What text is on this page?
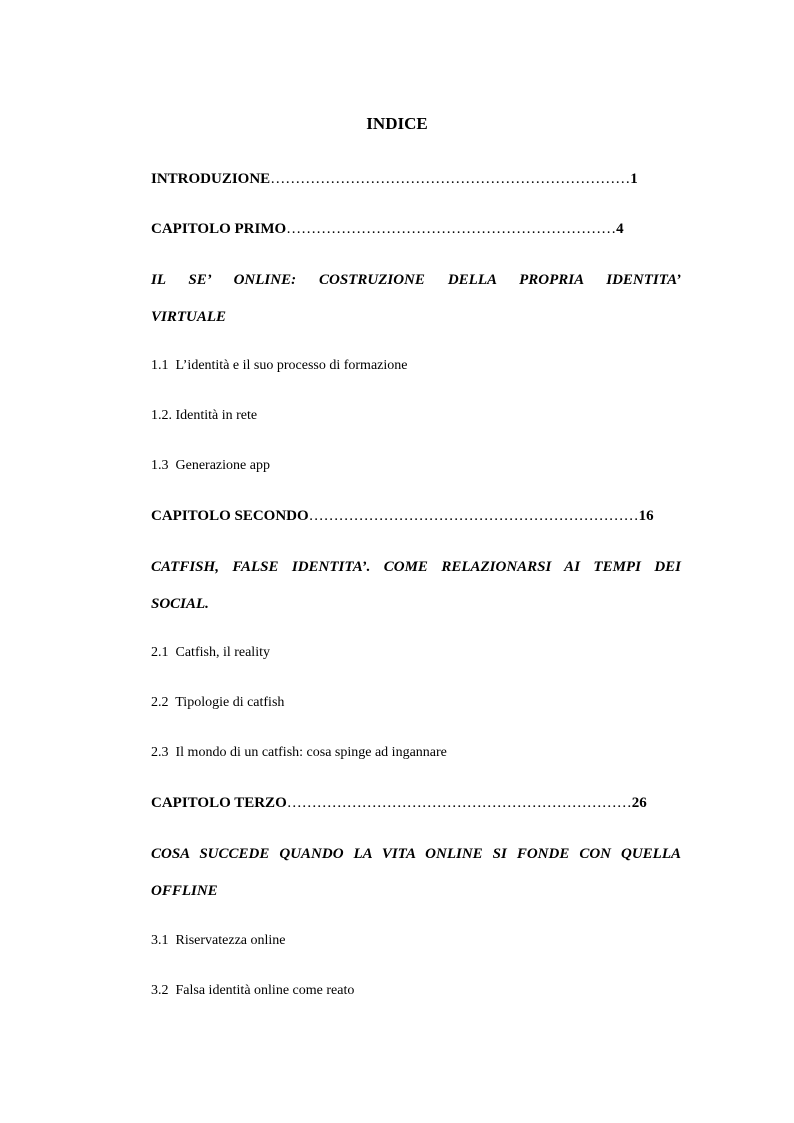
INDICE
INTRODUZIONE………………………………………………………………1
CAPITOLO PRIMO…………………………………………………………4
IL SE’ ONLINE: COSTRUZIONE DELLA PROPRIA IDENTITA’ VIRTUALE
1.1  L’identità e il suo processo di formazione
1.2. Identità in rete
1.3  Generazione app
CAPITOLO SECONDO…………………………………………………………16
CATFISH, FALSE IDENTITA’. COME RELAZIONARSI AI TEMPI DEI SOCIAL.
2.1  Catfish, il reality
2.2  Tipologie di catfish
2.3  Il mondo di un catfish: cosa spinge ad ingannare
CAPITOLO TERZO……………………………………………………………26
COSA SUCCEDE QUANDO LA VITA ONLINE SI FONDE CON QUELLA OFFLINE
3.1  Riservatezza online
3.2  Falsa identità online come reato
